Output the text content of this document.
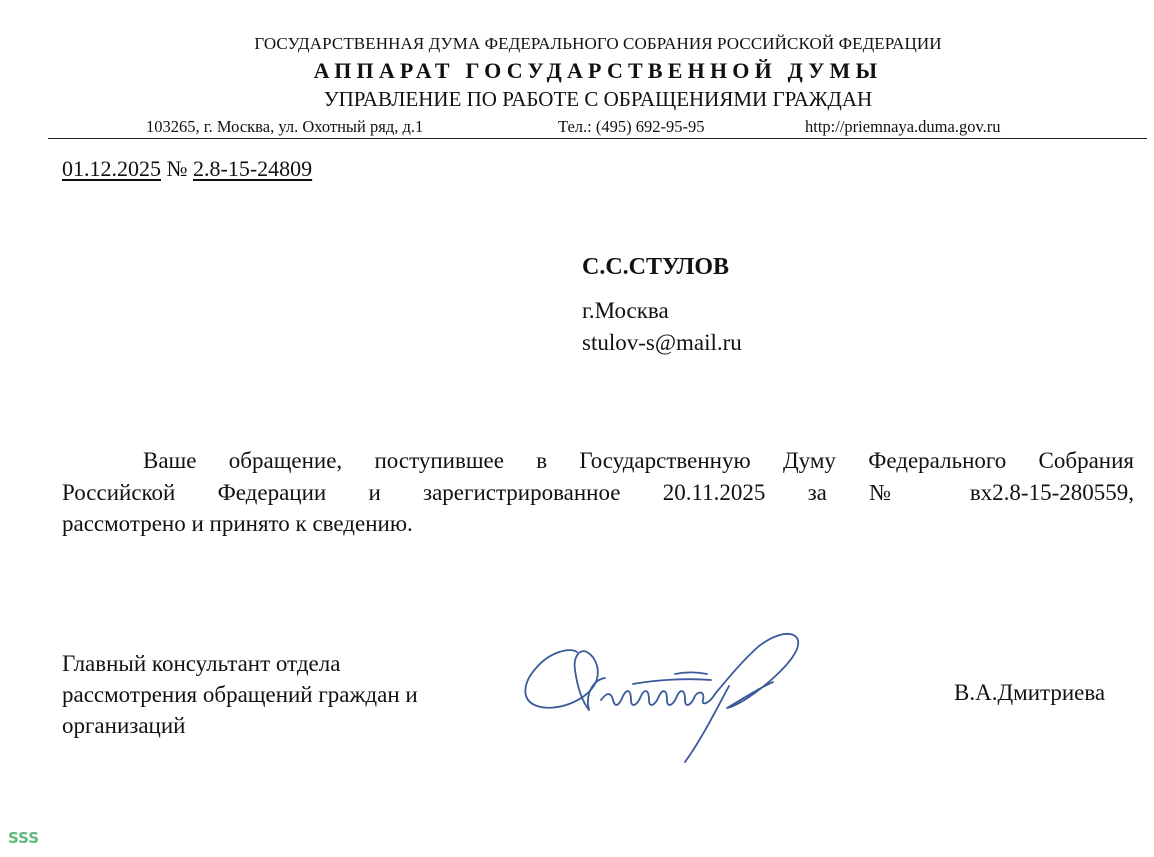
ГОСУДАРСТВЕННАЯ ДУМА ФЕДЕРАЛЬНОГО СОБРАНИЯ РОССИЙСКОЙ ФЕДЕРАЦИИ
АППАРАТ ГОСУДАРСТВЕННОЙ ДУМЫ
УПРАВЛЕНИЕ ПО РАБОТЕ С ОБРАЩЕНИЯМИ ГРАЖДАН
103265, г. Москва, ул. Охотный ряд, д.1	Тел.: (495) 692-95-95	http://priemnaya.duma.gov.ru
01.12.2025 № 2.8-15-24809
С.С.СТУЛОВ
г.Москва
stulov-s@mail.ru
Ваше обращение, поступившее в Государственную Думу Федерального Собрания
Российской Федерации и зарегистрированное 20.11.2025 за № вх2.8-15-280559,
рассмотрено и принято к сведению.
Главный консультант отдела
рассмотрения обращений граждан и
организаций
В.А.Дмитриева
SSS
